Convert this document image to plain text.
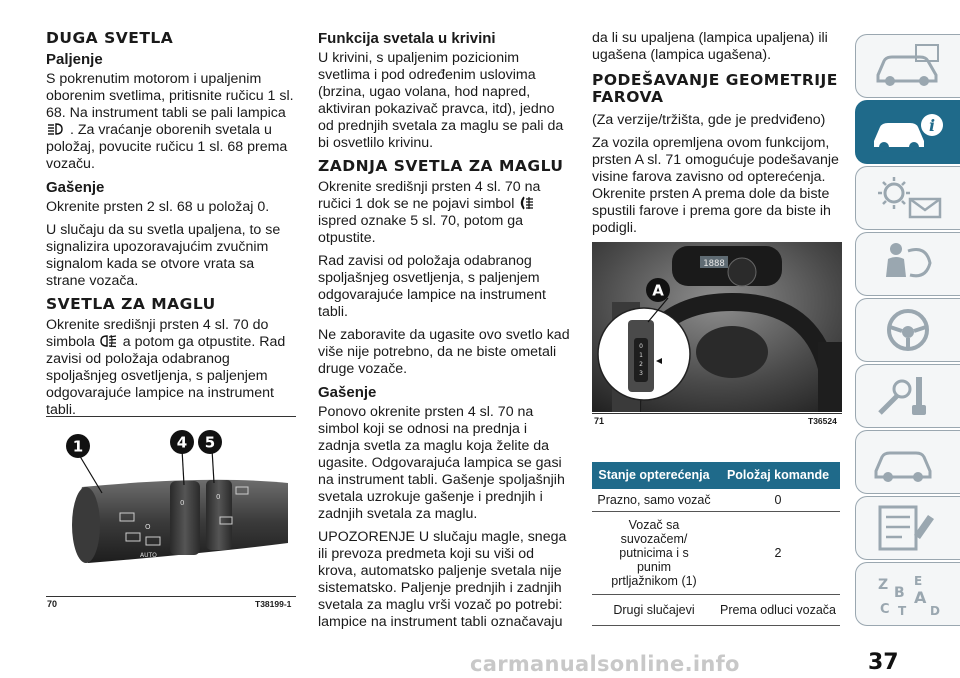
DUGA SVETLA
Paljenje

S pokrenutim motorom i upaljenim oborenim svetlima, pritisnite ručicu 1 sl. 68. Na instrument tabli se pali lampica  . Za vraćanje oborenih svetala u položaj, povucite ručicu 1 sl. 68 prema vozaču.

Gašenje

Okrenite prsten 2 sl. 68 u položaj 0.

U slučaju da su svetla upaljena, to se signalizira upozoravajućim zvučnim signalom kada se otvore vrata sa strane vozača.

SVETLA ZA MAGLU

Okrenite središnji prsten 4 sl. 70 do simbola a potom ga otpustite. Rad zavisi od položaja odabranog spoljašnjeg osvetljenja, s paljenjem odgovarajuće lampice na instrument tabli.

O
0
0
AUTO
1	4 5
70	T38199-1
Funkcija svetala u krivini

U krivini, s upaljenim pozicionim svetlima i pod određenim uslovima (brzina, ugao volana, hod napred, aktiviran pokazivač pravca, itd), jedno od prednjih svetala za maglu se pali da bi osvetlilo krivinu.

ZADNJA SVETLA ZA MAGLU

Okrenite središnji prsten 4 sl. 70 na ručici 1 dok se ne pojavi simbol  ispred oznake 5 sl. 70, potom ga otpustite.

Rad zavisi od položaja odabranog spoljašnjeg osvetljenja, s paljenjem odgovarajuće lampice na instrument tabli.

Ne zaboravite da ugasite ovo svetlo kad više nije potrebno, da ne biste ometali druge vozače.

Gašenje

Ponovo okrenite prsten 4 sl. 70 na simbol koji se odnosi na prednja i zadnja svetla za maglu koja želite da ugasite. Odgovarajuća lampica se gasi na instrument tabli. Gašenje spoljašnjih svetala uzrokuje gašenje i prednjih i zadnjih svetala za maglu.

UPOZORENJE U slučaju magle, snega ili prevoza predmeta koji su viši od krova, automatsko paljenje svetala nije sistematsko. Paljenje prednjih i zadnjih svetala za maglu vrši vozač po potrebi: lampice na instrument tabli označavaju

da li su upaljena (lampica upaljena) ili ugašena (lampica ugašena).

PODEŠAVANJE GEOMETRIJE FAROVA

(Za verzije/tržišta, gde je predviđeno)

Za vozila opremljena ovom funkcijom, prsten A sl. 71 omogućuje podešavanje visine farova zavisno od opterećenja. Okrenite prsten A prema dole da biste spustili farove i prema gore da biste ih podigli.

1888
0
1
2
3
A
71	T36524
Stanje opterećenja	Položaj komande
Prazno, samo vozač	0
Vozač sa suvozačem/ putnicima i s punim prtljažnikom (1)	2
Drugi slučajevi	Prema odluci vozača
i
Z E
B A
C T D
carmanualsonline.info	37
